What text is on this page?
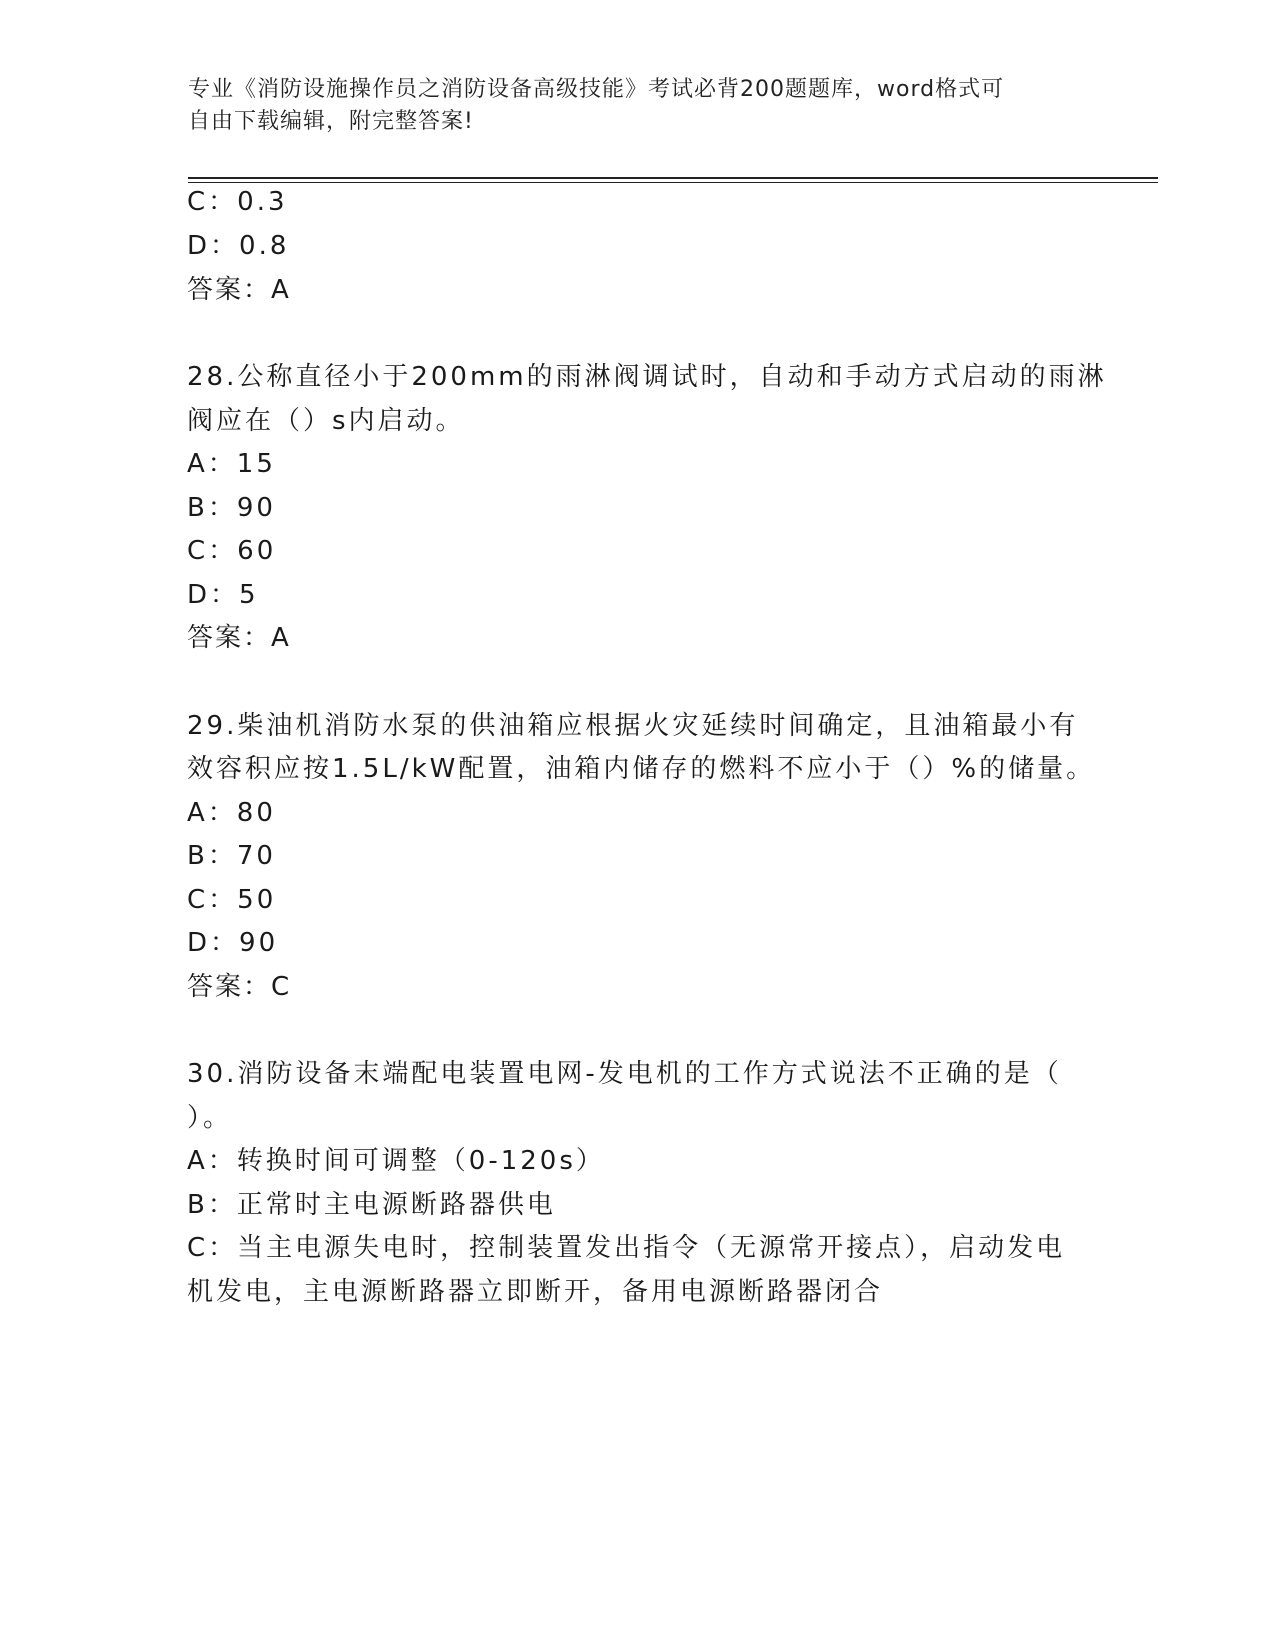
专业《消防设施操作员之消防设备高级技能》考试必背200题题库，word格式可
自由下载编辑，附完整答案!
C：0.3
D：0.8
答案：A
28.公称直径小于200mm的雨淋阀调试时，自动和手动方式启动的雨淋
阀应在（）s内启动。
A：15
B：90
C：60
D：5
答案：A
29.柴油机消防水泵的供油箱应根据火灾延续时间确定，且油箱最小有
效容积应按1.5L/kW配置，油箱内储存的燃料不应小于（）%的储量。
A：80
B：70
C：50
D：90
答案：C
30.消防设备末端配电装置电网-发电机的工作方式说法不正确的是（
）。
A：转换时间可调整（0-120s）
B：正常时主电源断路器供电
C：当主电源失电时，控制装置发出指令（无源常开接点），启动发电
机发电，主电源断路器立即断开，备用电源断路器闭合
